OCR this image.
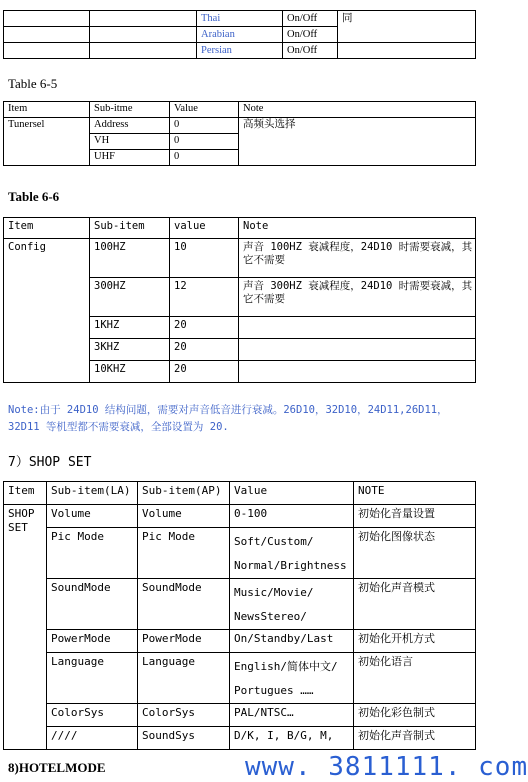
		Thai	On/Off	同
		Arabian	On/Off	
		Persian	On/Off	
Table 6-5
Item	Sub-itme	Value	Note
Tunersel	Address	0	高频头选择
	VH	0	
	UHF	0	
Table 6-6
Item	Sub-item	value	Note
Config	100HZ	10	声音 100HZ 衰减程度，24D10 时需要衰减，其它不需要
	300HZ	12	声音 300HZ 衰减程度，24D10 时需要衰减，其它不需要
	1KHZ	20	
	3KHZ	20	
	10KHZ	20	
Note:由于 24D10 结构问题，需要对声音低音进行衰减。26D10，32D10，24D11,26D11，32D11 等机型都不需要衰减，全部设置为 20.
7）SHOP SET
Item	Sub-item(LA)	Sub-item(AP)	Value	NOTE
SHOP SET	Volume	Volume	0-100	初始化音量设置
	Pic Mode	Pic Mode	Soft/Custom/ Normal/Brightness	初始化图像状态
	SoundMode	SoundMode	Music/Movie/ NewsStereo/	初始化声音模式
	PowerMode	PowerMode	On/Standby/Last	初始化开机方式
	Language	Language	English/简体中文/ Portugues ……	初始化语言
	ColorSys	ColorSys	PAL/NTSC…	初始化彩色制式
	////	SoundSys	D/K, I, B/G, M,	初始化声音制式
8)HOTELMODE	www. 3811111. com
